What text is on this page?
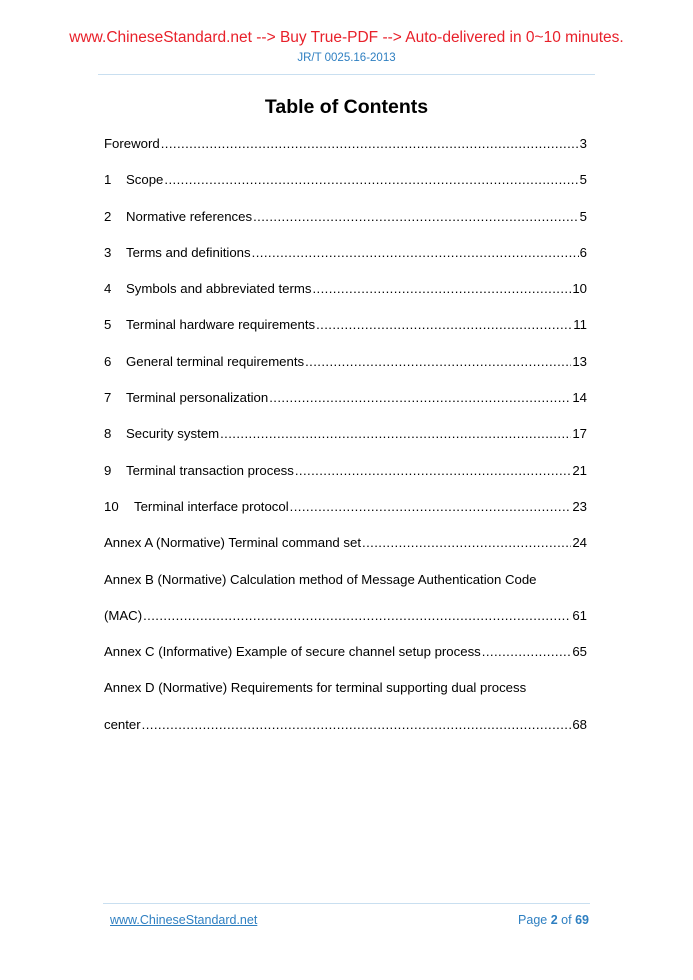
www.ChineseStandard.net --> Buy True-PDF --> Auto-delivered in 0~10 minutes.
JR/T 0025.16-2013
Table of Contents
Foreword .....	3
1	Scope .....	5
2	Normative references .....	5
3	Terms and definitions .....	6
4	Symbols and abbreviated terms .....	10
5	Terminal hardware requirements .....	11
6	General terminal requirements .....	13
7	Terminal personalization .....	14
8	Security system .....	17
9	Terminal transaction process .....	21
10	Terminal interface protocol .....	23
Annex A (Normative) Terminal command set .....	24
Annex B (Normative) Calculation method of Message Authentication Code
(MAC) .....	61
Annex C (Informative) Example of secure channel setup process .....	65
Annex D (Normative) Requirements for terminal supporting dual process
center .....	68
www.ChineseStandard.net	Page 2 of 69
